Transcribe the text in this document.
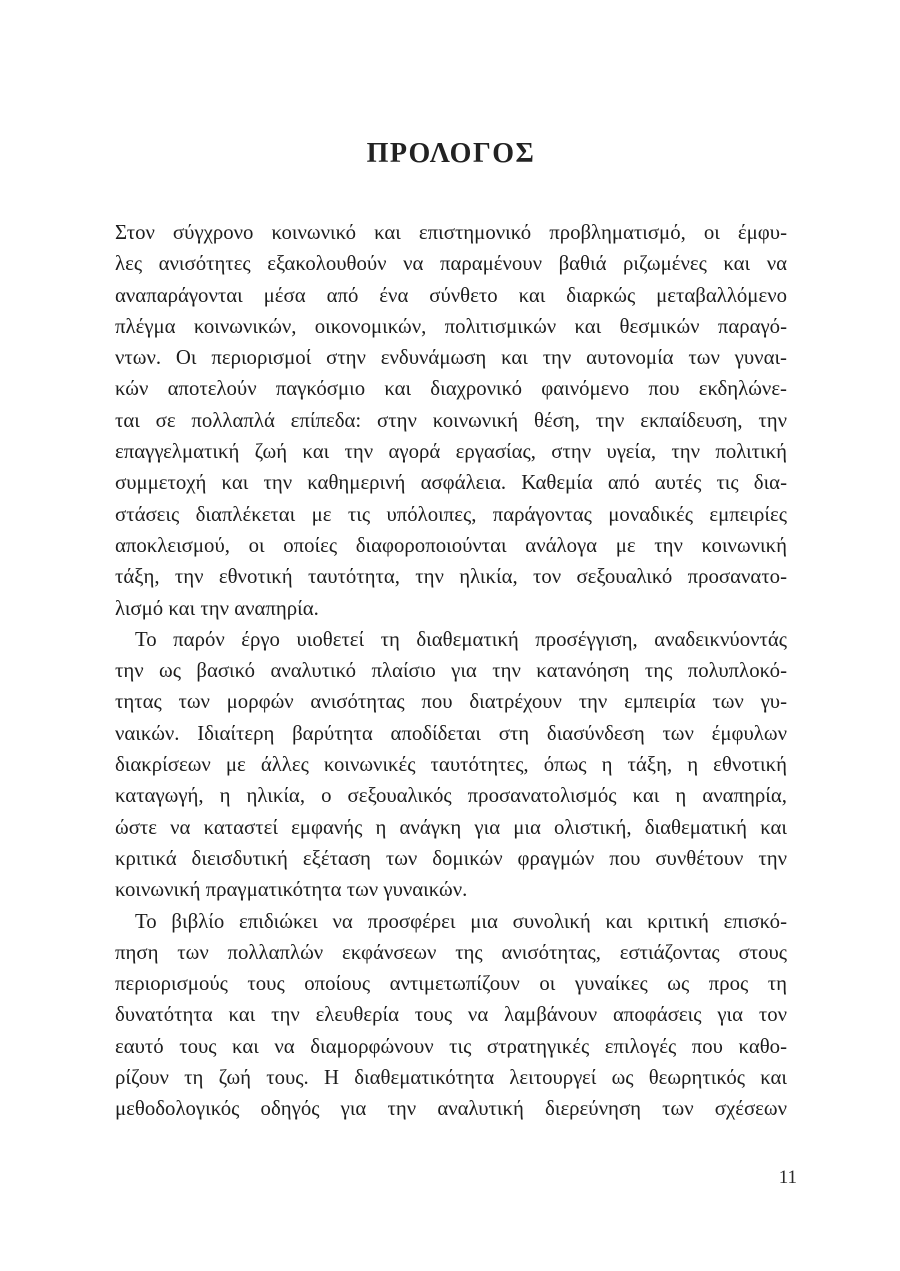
ΠΡΟΛΟΓΟΣ
Στον σύγχρονο κοινωνικό και επιστημονικό προβληματισμό, οι έμφυ-
λες ανισότητες εξακολουθούν να παραμένουν βαθιά ριζωμένες και να
αναπαράγονται μέσα από ένα σύνθετο και διαρκώς μεταβαλλόμενο
πλέγμα κοινωνικών, οικονομικών, πολιτισμικών και θεσμικών παραγό-
ντων. Οι περιορισμοί στην ενδυνάμωση και την αυτονομία των γυναι-
κών αποτελούν παγκόσμιο και διαχρονικό φαινόμενο που εκδηλώνε-
ται σε πολλαπλά επίπεδα: στην κοινωνική θέση, την εκπαίδευση, την
επαγγελματική ζωή και την αγορά εργασίας, στην υγεία, την πολιτική
συμμετοχή και την καθημερινή ασφάλεια. Καθεμία από αυτές τις δια-
στάσεις διαπλέκεται με τις υπόλοιπες, παράγοντας μοναδικές εμπειρίες
αποκλεισμού, οι οποίες διαφοροποιούνται ανάλογα με την κοινωνική
τάξη, την εθνοτική ταυτότητα, την ηλικία, τον σεξουαλικό προσανατο-
λισμό και την αναπηρία.
Το παρόν έργο υιοθετεί τη διαθεματική προσέγγιση, αναδεικνύοντάς
την ως βασικό αναλυτικό πλαίσιο για την κατανόηση της πολυπλοκό-
τητας των μορφών ανισότητας που διατρέχουν την εμπειρία των γυ-
ναικών. Ιδιαίτερη βαρύτητα αποδίδεται στη διασύνδεση των έμφυλων
διακρίσεων με άλλες κοινωνικές ταυτότητες, όπως η τάξη, η εθνοτική
καταγωγή, η ηλικία, ο σεξουαλικός προσανατολισμός και η αναπηρία,
ώστε να καταστεί εμφανής η ανάγκη για μια ολιστική, διαθεματική και
κριτικά διεισδυτική εξέταση των δομικών φραγμών που συνθέτουν την
κοινωνική πραγματικότητα των γυναικών.
Το βιβλίο επιδιώκει να προσφέρει μια συνολική και κριτική επισκό-
πηση των πολλαπλών εκφάνσεων της ανισότητας, εστιάζοντας στους
περιορισμούς τους οποίους αντιμετωπίζουν οι γυναίκες ως προς τη
δυνατότητα και την ελευθερία τους να λαμβάνουν αποφάσεις για τον
εαυτό τους και να διαμορφώνουν τις στρατηγικές επιλογές που καθο-
ρίζουν τη ζωή τους. Η διαθεματικότητα λειτουργεί ως θεωρητικός και
μεθοδολογικός οδηγός για την αναλυτική διερεύνηση των σχέσεων
11
